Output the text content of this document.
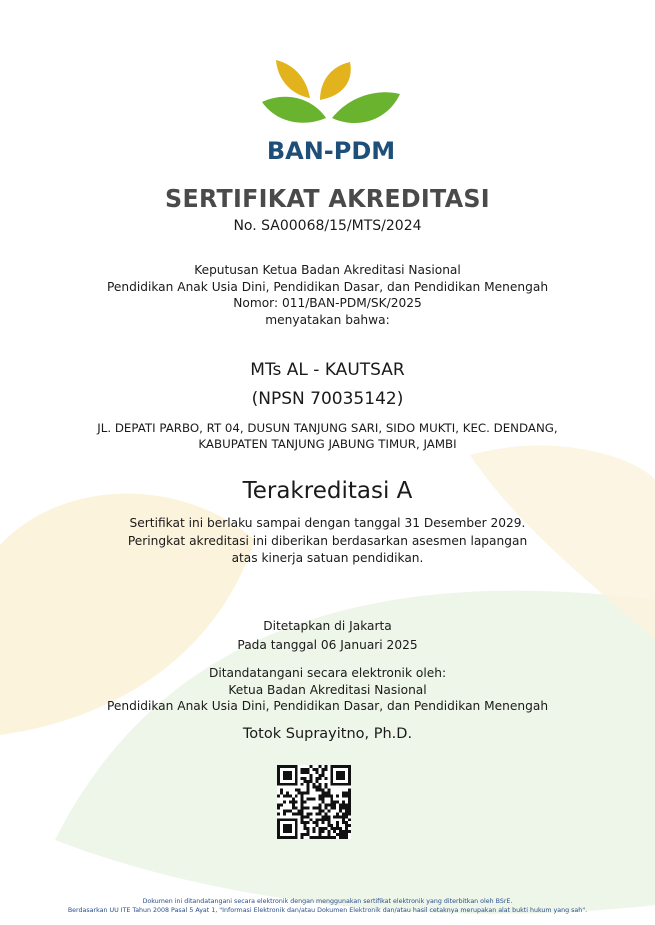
BAN-PDM
SERTIFIKAT AKREDITASI
No. SA00068/15/MTS/2024
Keputusan Ketua Badan Akreditasi Nasional
Pendidikan Anak Usia Dini, Pendidikan Dasar, dan Pendidikan Menengah
Nomor: 011/BAN-PDM/SK/2025
menyatakan bahwa:
MTs AL - KAUTSAR
(NPSN 70035142)
JL. DEPATI PARBO, RT 04, DUSUN TANJUNG SARI, SIDO MUKTI, KEC. DENDANG,
KABUPATEN TANJUNG JABUNG TIMUR, JAMBI
Terakreditasi A
Sertifikat ini berlaku sampai dengan tanggal 31 Desember 2029.
Peringkat akreditasi ini diberikan berdasarkan asesmen lapangan
atas kinerja satuan pendidikan.
Ditetapkan di Jakarta
Pada tanggal 06 Januari 2025
Ditandatangani secara elektronik oleh:
Ketua Badan Akreditasi Nasional
Pendidikan Anak Usia Dini, Pendidikan Dasar, dan Pendidikan Menengah
Totok Suprayitno, Ph.D.
Dokumen ini ditandatangani secara elektronik dengan menggunakan sertifikat elektronik yang diterbitkan oleh BSrE.
Berdasarkan UU ITE Tahun 2008 Pasal 5 Ayat 1, "Informasi Elektronik dan/atau Dokumen Elektronik dan/atau hasil cetaknya merupakan alat bukti hukum yang sah".
